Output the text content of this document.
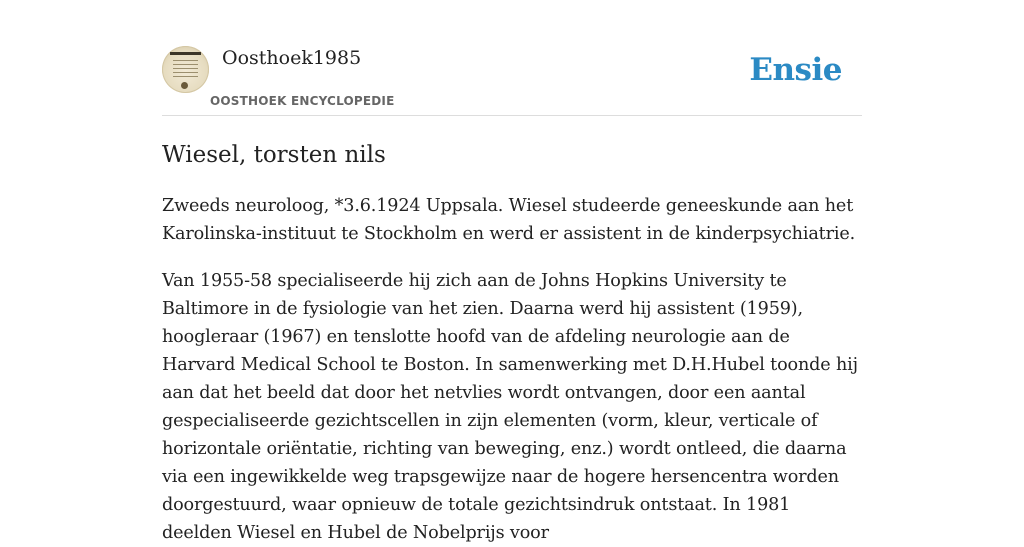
Oosthoek1985
OOSTHOEK ENCYCLOPEDIE
Ensie
Wiesel, torsten nils

Zweeds neuroloog, *3.6.1924 Uppsala. Wiesel studeerde geneeskunde aan het Karolinska-instituut te Stockholm en werd er assistent in de kinderpsychiatrie.

Van 1955-58 specialiseerde hij zich aan de Johns Hopkins University te Baltimore in de fysiologie van het zien. Daarna werd hij assistent (1959), hoogleraar (1967) en tenslotte hoofd van de afdeling neurologie aan de Harvard Medical School te Boston. In samenwerking met D.H.Hubel toonde hij aan dat het beeld dat door het netvlies wordt ontvangen, door een aantal gespecialiseerde gezichtscellen in zijn elementen (vorm, kleur, verticale of horizontale oriëntatie, richting van beweging, enz.) wordt ontleed, die daarna via een ingewikkelde weg trapsgewijze naar de hogere hersencentra worden doorgestuurd, waar opnieuw de totale gezichtsindruk ontstaat. In 1981 deelden Wiesel en Hubel de Nobelprijs voor
